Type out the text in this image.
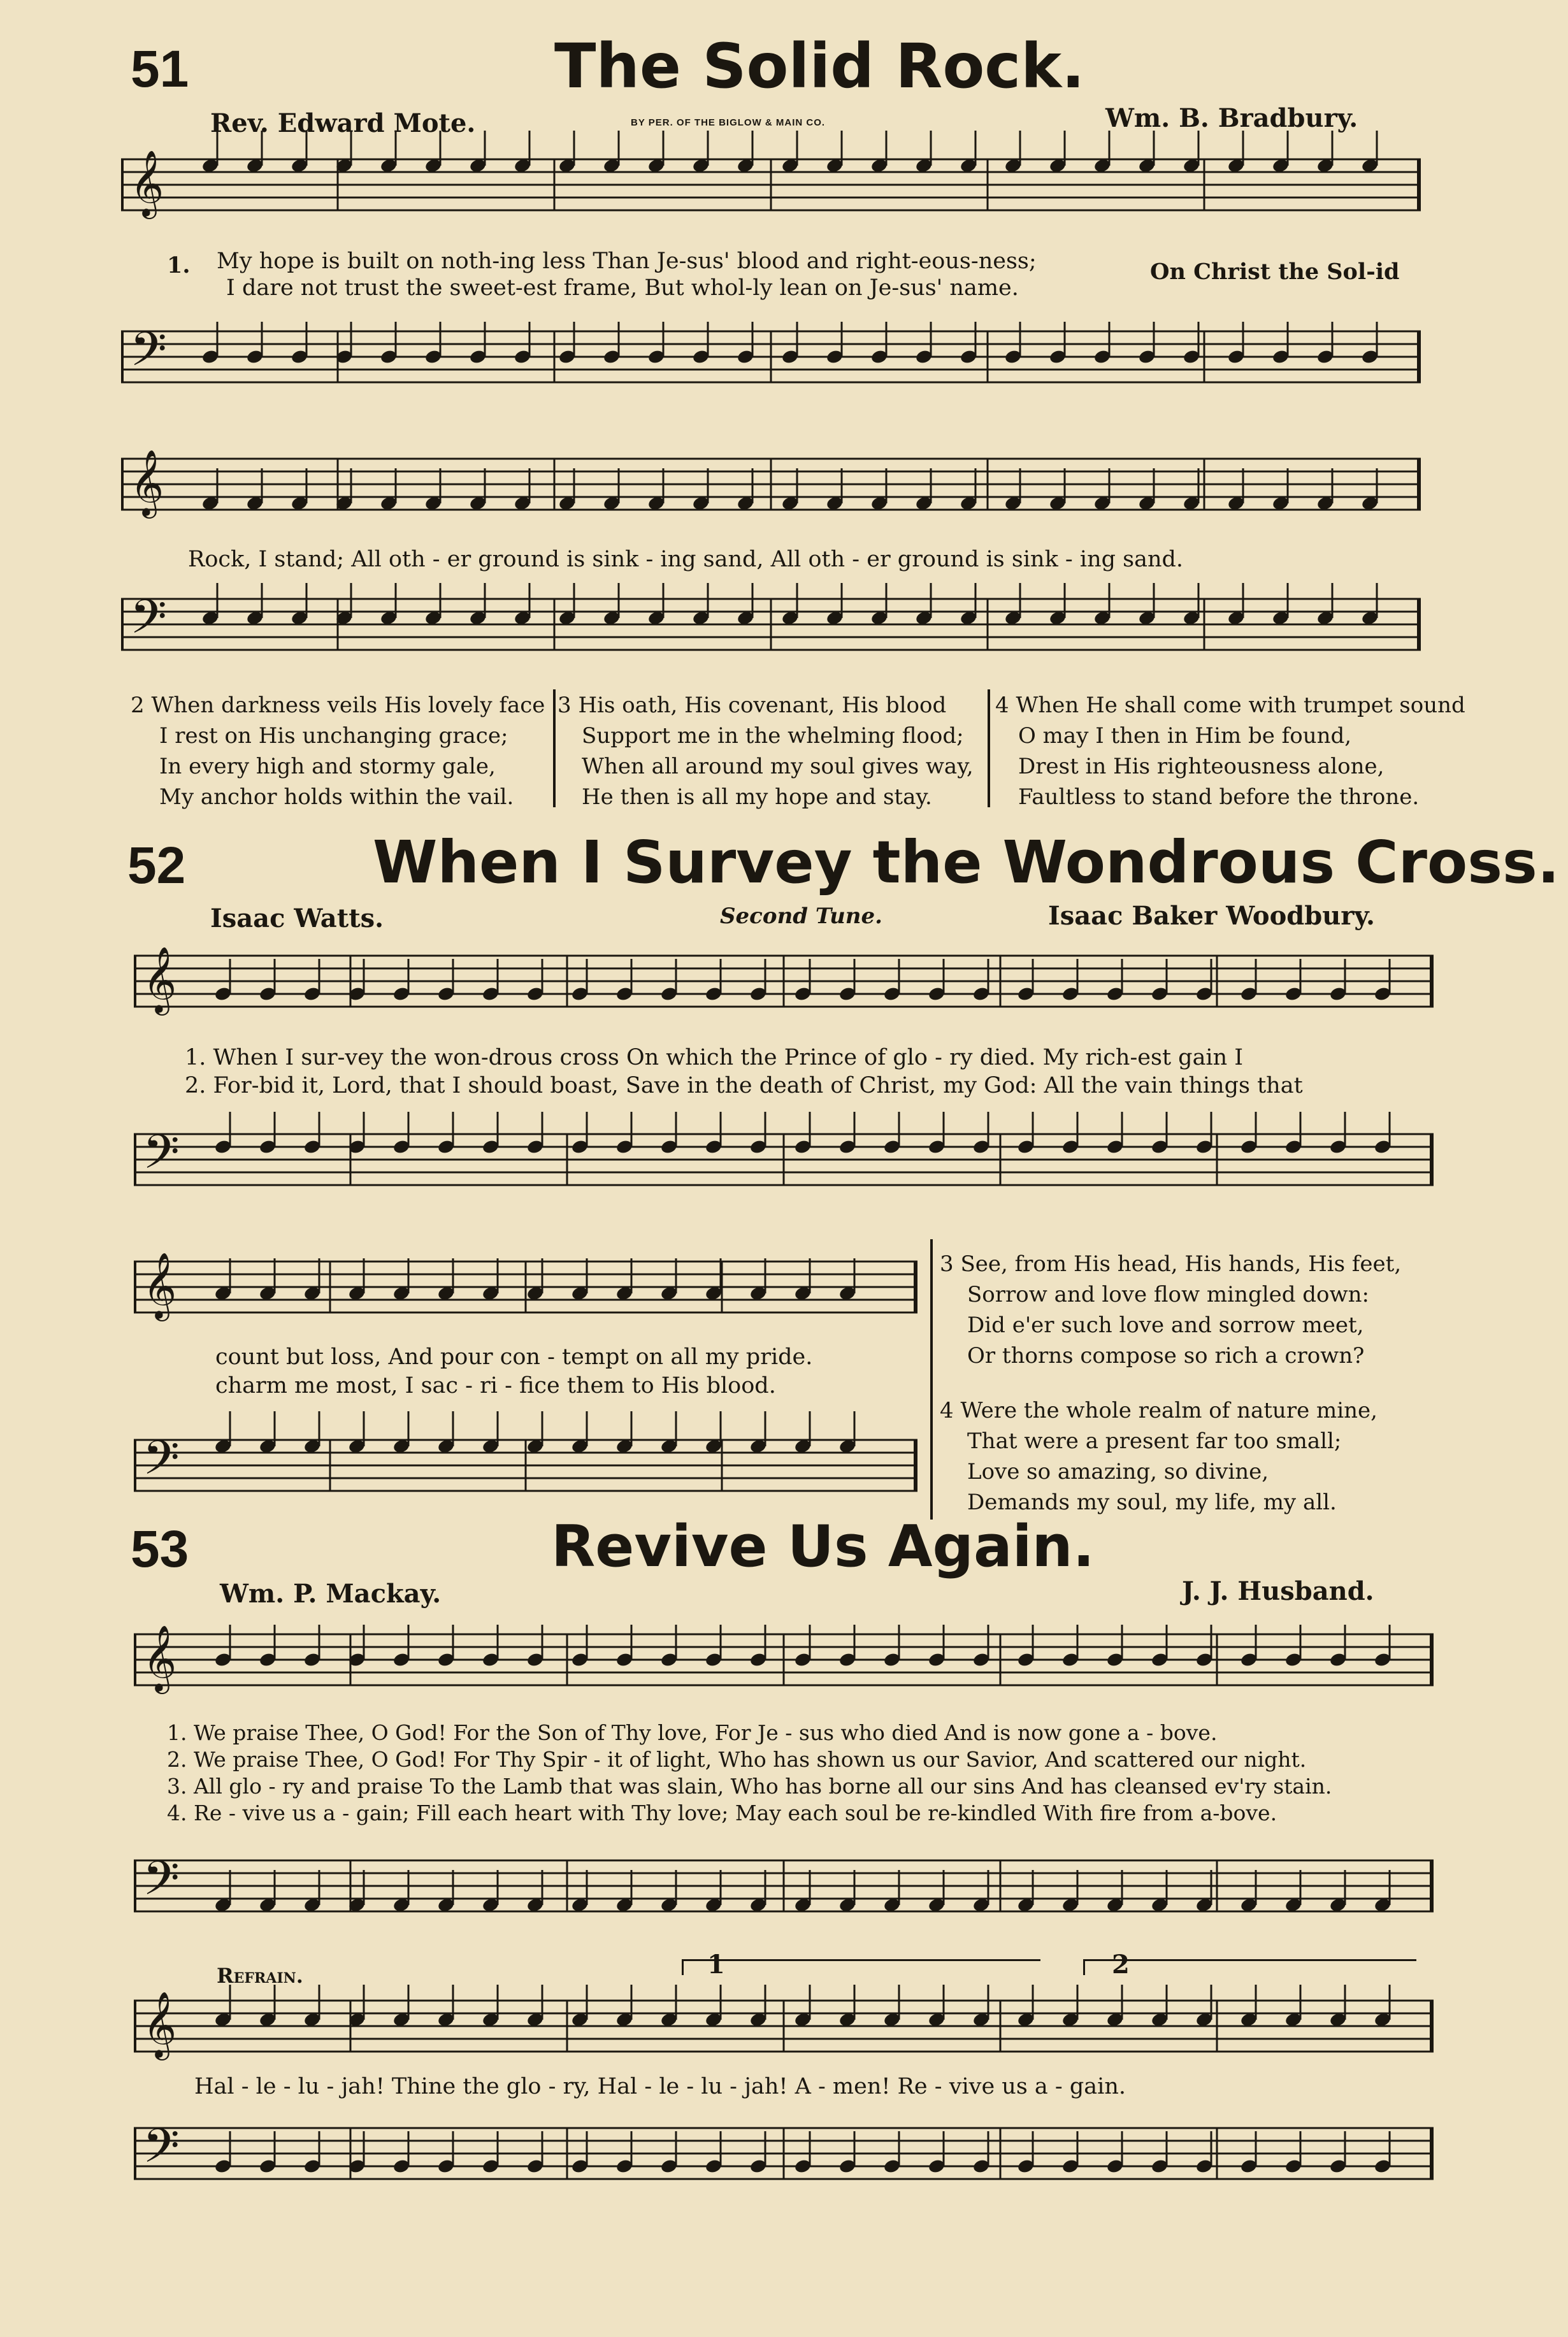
51	The Solid Rock.
Rev. Edward Mote.	BY PER. OF THE BIGLOW & MAIN CO.	Wm. B. Bradbury.
𝄞
1. My hope is built on noth-ing less Than Je-sus' blood and right-eous-ness;
I dare not trust the sweet-est frame, But whol-ly lean on Je-sus' name.
On Christ the Sol-id
𝄢
𝄞
Rock, I stand; All oth - er ground is sink - ing sand, All oth - er ground is sink - ing sand.
𝄢
2 When darkness veils His lovely face
I rest on His unchanging grace;
In every high and stormy gale,
My anchor holds within the vail.
3 His oath, His covenant, His blood
Support me in the whelming flood;
When all around my soul gives way,
He then is all my hope and stay.
4 When He shall come with trumpet sound
O may I then in Him be found,
Drest in His righteousness alone,
Faultless to stand before the throne.
52	When I Survey the Wondrous Cross.
Isaac Watts.	Second Tune.	Isaac Baker Woodbury.
𝄞
1. When I sur-vey the won-drous cross On which the Prince of glo - ry died. My rich-est gain I
2. For-bid it, Lord, that I should boast, Save in the death of Christ, my God: All the vain things that
𝄢
𝄞
count but loss, And pour con - tempt on all my pride.
charm me most, I sac - ri - fice them to His blood.
𝄢
3 See, from His head, His hands, His feet,
Sorrow and love flow mingled down:
Did e'er such love and sorrow meet,
Or thorns compose so rich a crown?
4 Were the whole realm of nature mine,
That were a present far too small;
Love so amazing, so divine,
Demands my soul, my life, my all.
53	Revive Us Again.
Wm. P. Mackay.	J. J. Husband.
𝄞
1. We praise Thee, O God! For the Son of Thy love, For Je - sus who died And is now gone a - bove.
2. We praise Thee, O God! For Thy Spir - it of light, Who has shown us our Savior, And scattered our night.
3. All glo - ry and praise To the Lamb that was slain, Who has borne all our sins And has cleansed ev'ry stain.
4. Re - vive us a - gain; Fill each heart with Thy love; May each soul be re-kindled With fire from a-bove.
𝄢
Refrain.	1	2
𝄞
Hal - le - lu - jah! Thine the glo - ry, Hal - le - lu - jah! A - men! Re - vive us a - gain.
𝄢
